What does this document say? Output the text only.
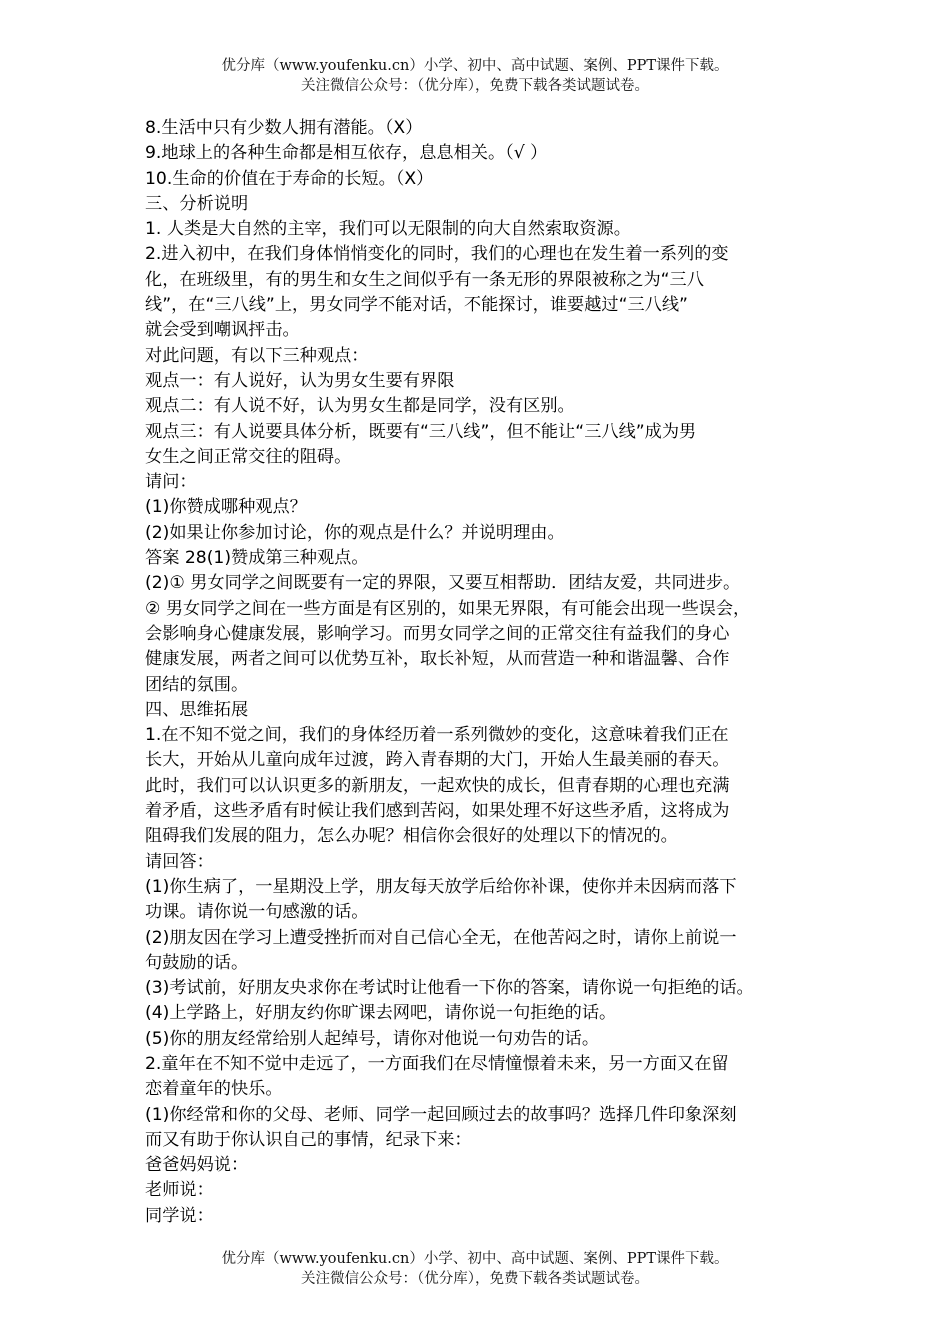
优分库（www.youfenku.cn）小学、初中、高中试题、案例、PPT课件下载。
关注微信公众号：（优分库），免费下载各类试题试卷。

8.生活中只有少数人拥有潜能。（X）

9.地球上的各种生命都是相互依存，息息相关。（√ ）

10.生命的价值在于寿命的长短。（X）

三、分析说明

1. 人类是大自然的主宰，我们可以无限制的向大自然索取资源。

2.进入初中，在我们身体悄悄变化的同时，我们的心理也在发生着一系列的变

化，在班级里，有的男生和女生之间似乎有一条无形的界限被称之为“三八

线”，在“三八线”上，男女同学不能对话，不能探讨，谁要越过“三八线”

就会受到嘲讽抨击。

对此问题，有以下三种观点：

观点一：有人说好，认为男女生要有界限

观点二：有人说不好，认为男女生都是同学，没有区别。

观点三：有人说要具体分析，既要有“三八线”，但不能让“三八线”成为男

女生之间正常交往的阻碍。

请问：

(1)你赞成哪种观点？

(2)如果让你参加讨论，你的观点是什么？并说明理由。

答案 28(1)赞成第三种观点。

(2)① 男女同学之间既要有一定的界限，又要互相帮助．团结友爱，共同进步。

② 男女同学之间在一些方面是有区别的，如果无界限，有可能会出现一些误会，

会影响身心健康发展，影响学习。而男女同学之间的正常交往有益我们的身心

健康发展，两者之间可以优势互补，取长补短，从而营造一种和谐温馨、合作

团结的氛围。

四、思维拓展

1.在不知不觉之间，我们的身体经历着一系列微妙的变化，这意味着我们正在

长大，开始从儿童向成年过渡，跨入青春期的大门，开始人生最美丽的春天。

此时，我们可以认识更多的新朋友，一起欢快的成长，但青春期的心理也充满

着矛盾，这些矛盾有时候让我们感到苦闷，如果处理不好这些矛盾，这将成为

阻碍我们发展的阻力，怎么办呢？相信你会很好的处理以下的情况的。

请回答：

(1)你生病了，一星期没上学，朋友每天放学后给你补课，使你并未因病而落下

功课。请你说一句感激的话。

(2)朋友因在学习上遭受挫折而对自己信心全无，在他苦闷之时，请你上前说一

句鼓励的话。

(3)考试前，好朋友央求你在考试时让他看一下你的答案，请你说一句拒绝的话。

(4)上学路上，好朋友约你旷课去网吧，请你说一句拒绝的话。

(5)你的朋友经常给别人起绰号，请你对他说一句劝告的话。

2.童年在不知不觉中走远了，一方面我们在尽情憧憬着未来，另一方面又在留

恋着童年的快乐。

(1)你经常和你的父母、老师、同学一起回顾过去的故事吗？选择几件印象深刻

而又有助于你认识自己的事情，纪录下来：

爸爸妈妈说：

老师说：

同学说：

优分库（www.youfenku.cn）小学、初中、高中试题、案例、PPT课件下载。
关注微信公众号：（优分库），免费下载各类试题试卷。
